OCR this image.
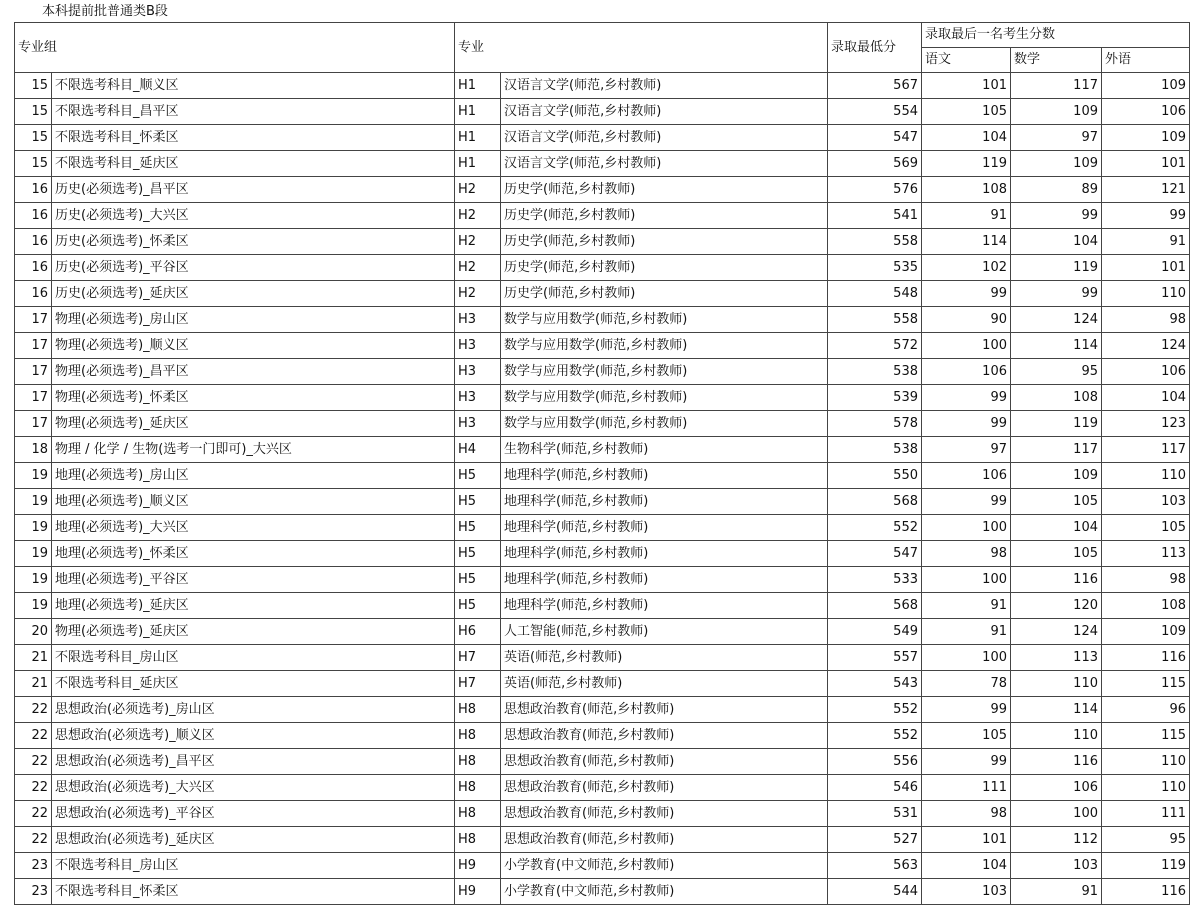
本科提前批普通类B段
专业组		专业		录取最低分	录取最后一名考生分数		
					语文	数学	外语
15	不限选考科目_顺义区	H1	汉语言文学(师范,乡村教师)	567	101	117	109
15	不限选考科目_昌平区	H1	汉语言文学(师范,乡村教师)	554	105	109	106
15	不限选考科目_怀柔区	H1	汉语言文学(师范,乡村教师)	547	104	97	109
15	不限选考科目_延庆区	H1	汉语言文学(师范,乡村教师)	569	119	109	101
16	历史(必须选考)_昌平区	H2	历史学(师范,乡村教师)	576	108	89	121
16	历史(必须选考)_大兴区	H2	历史学(师范,乡村教师)	541	91	99	99
16	历史(必须选考)_怀柔区	H2	历史学(师范,乡村教师)	558	114	104	91
16	历史(必须选考)_平谷区	H2	历史学(师范,乡村教师)	535	102	119	101
16	历史(必须选考)_延庆区	H2	历史学(师范,乡村教师)	548	99	99	110
17	物理(必须选考)_房山区	H3	数学与应用数学(师范,乡村教师)	558	90	124	98
17	物理(必须选考)_顺义区	H3	数学与应用数学(师范,乡村教师)	572	100	114	124
17	物理(必须选考)_昌平区	H3	数学与应用数学(师范,乡村教师)	538	106	95	106
17	物理(必须选考)_怀柔区	H3	数学与应用数学(师范,乡村教师)	539	99	108	104
17	物理(必须选考)_延庆区	H3	数学与应用数学(师范,乡村教师)	578	99	119	123
18	物理 / 化学 / 生物(选考一门即可)_大兴区	H4	生物科学(师范,乡村教师)	538	97	117	117
19	地理(必须选考)_房山区	H5	地理科学(师范,乡村教师)	550	106	109	110
19	地理(必须选考)_顺义区	H5	地理科学(师范,乡村教师)	568	99	105	103
19	地理(必须选考)_大兴区	H5	地理科学(师范,乡村教师)	552	100	104	105
19	地理(必须选考)_怀柔区	H5	地理科学(师范,乡村教师)	547	98	105	113
19	地理(必须选考)_平谷区	H5	地理科学(师范,乡村教师)	533	100	116	98
19	地理(必须选考)_延庆区	H5	地理科学(师范,乡村教师)	568	91	120	108
20	物理(必须选考)_延庆区	H6	人工智能(师范,乡村教师)	549	91	124	109
21	不限选考科目_房山区	H7	英语(师范,乡村教师)	557	100	113	116
21	不限选考科目_延庆区	H7	英语(师范,乡村教师)	543	78	110	115
22	思想政治(必须选考)_房山区	H8	思想政治教育(师范,乡村教师)	552	99	114	96
22	思想政治(必须选考)_顺义区	H8	思想政治教育(师范,乡村教师)	552	105	110	115
22	思想政治(必须选考)_昌平区	H8	思想政治教育(师范,乡村教师)	556	99	116	110
22	思想政治(必须选考)_大兴区	H8	思想政治教育(师范,乡村教师)	546	111	106	110
22	思想政治(必须选考)_平谷区	H8	思想政治教育(师范,乡村教师)	531	98	100	111
22	思想政治(必须选考)_延庆区	H8	思想政治教育(师范,乡村教师)	527	101	112	95
23	不限选考科目_房山区	H9	小学教育(中文师范,乡村教师)	563	104	103	119
23	不限选考科目_怀柔区	H9	小学教育(中文师范,乡村教师)	544	103	91	116
